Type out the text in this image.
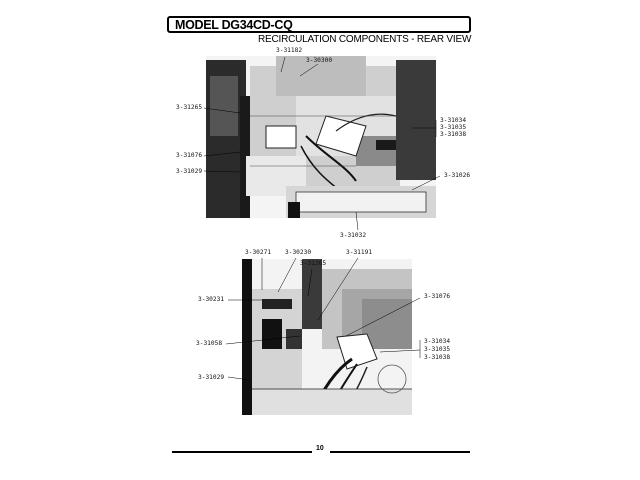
MODEL DG34CD-CQ
RECIRCULATION COMPONENTS - REAR VIEW
3-31182
3-30300
3-31265
3-31076
3-31029
3-31034
3-31035
3-31038
3-31026
3-31032
3-30271 3-30230
3-31265
3-31191
3-30231	3-31076
3-31058	3-31034
3-31035
3-31038
3-31029
10
